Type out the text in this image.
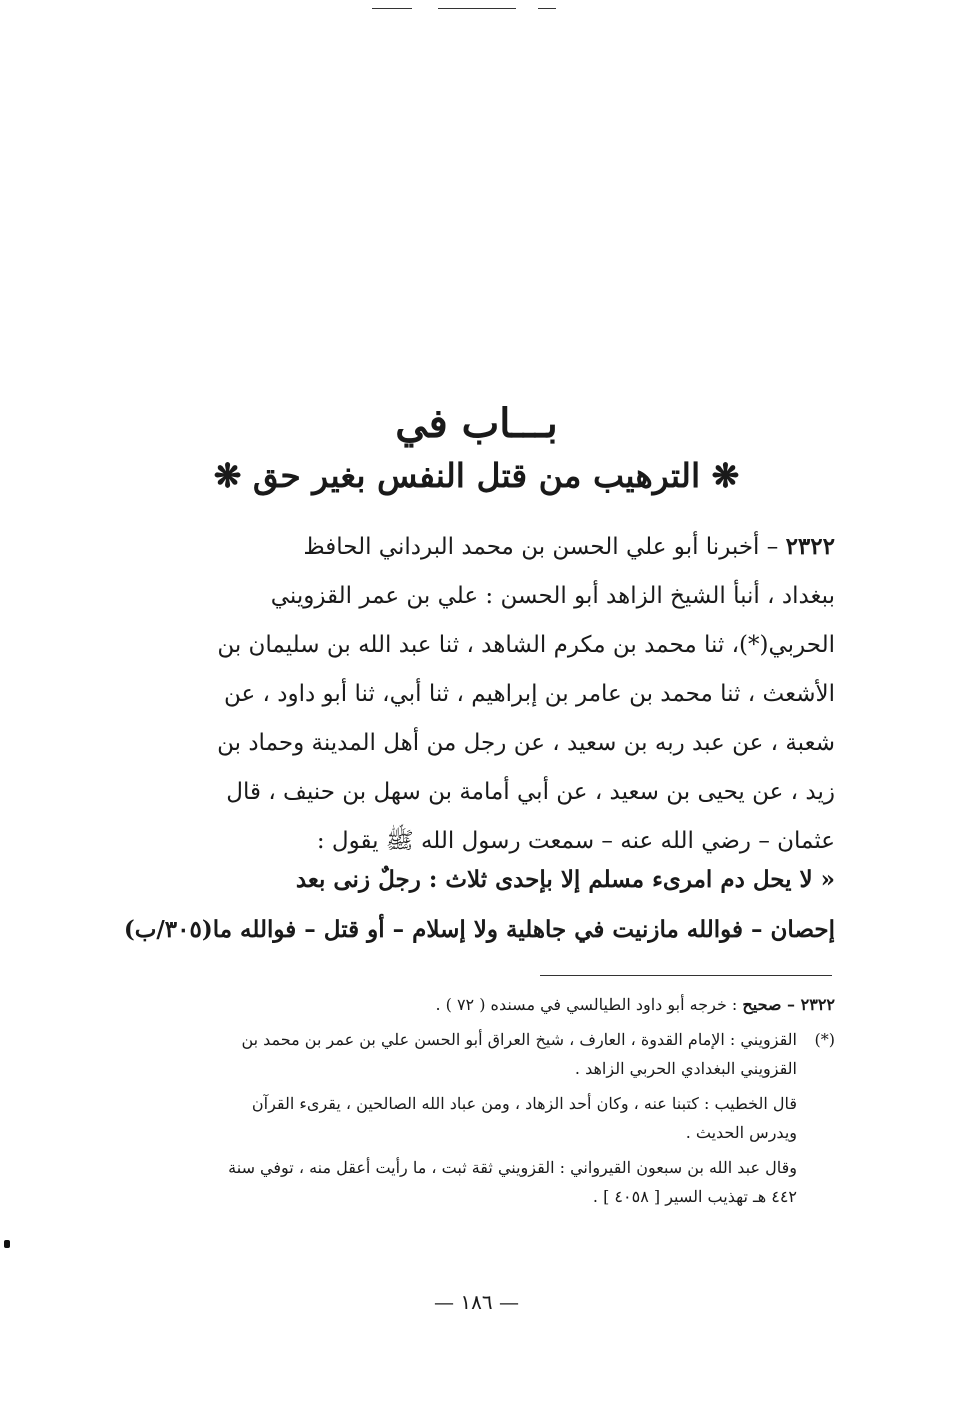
بـــاب في
❋ الترهيب من قتل النفس بغير حق ❋

٢٣٢٢ – أخبرنا أبو علي الحسن بن محمد البرداني الحافظ

ببغداد ، أنبأ الشيخ الزاهد أبو الحسن : علي بن عمر القزويني

الحربي(*)، ثنا محمد بن مكرم الشاهد ، ثنا عبد الله بن سليمان بن

الأشعث ، ثنا محمد بن عامر بن إبراهيم ، ثنا أبي، ثنا أبو داود ، عن

شعبة ، عن عبد ربه بن سعيد ، عن رجل من أهل المدينة وحماد بن

زيد ، عن يحيى بن سعيد ، عن أبي أمامة بن سهل بن حنيف ، قال

عثمان – رضي الله عنه – سمعت رسول الله ﷺ يقول :

« لا يحل دم امرىء مسلم إلا بإحدى ثلاث : رجلٌ زنى بعد
إحصان – فوالله مازنيت في جاهلية ولا إسلام – أو قتل – فوالله ما(٣٠٥/ب)

٢٣٢٢ – صحيح : خرجه أبو داود الطيالسي في مسنده ( ٧٢ ) .

(*)القزويني : الإمام القدوة ، العارف ، شيخ العراق أبو الحسن علي بن عمر بن محمد بن
القزويني البغدادي الحربي الزاهد .

قال الخطيب : كتبنا عنه ، وكان أحد الزهاد ، ومن عباد الله الصالحين ، يقرىء القرآن
ويدرس الحديث .

وقال عبد الله بن سبعون القيرواني : القزويني ثقة ثبت ، ما رأيت أعقل منه ، توفي سنة
٤٤٢ هـ تهذيب السير [ ٤٠٥٨ ] .

— ١٨٦ —
